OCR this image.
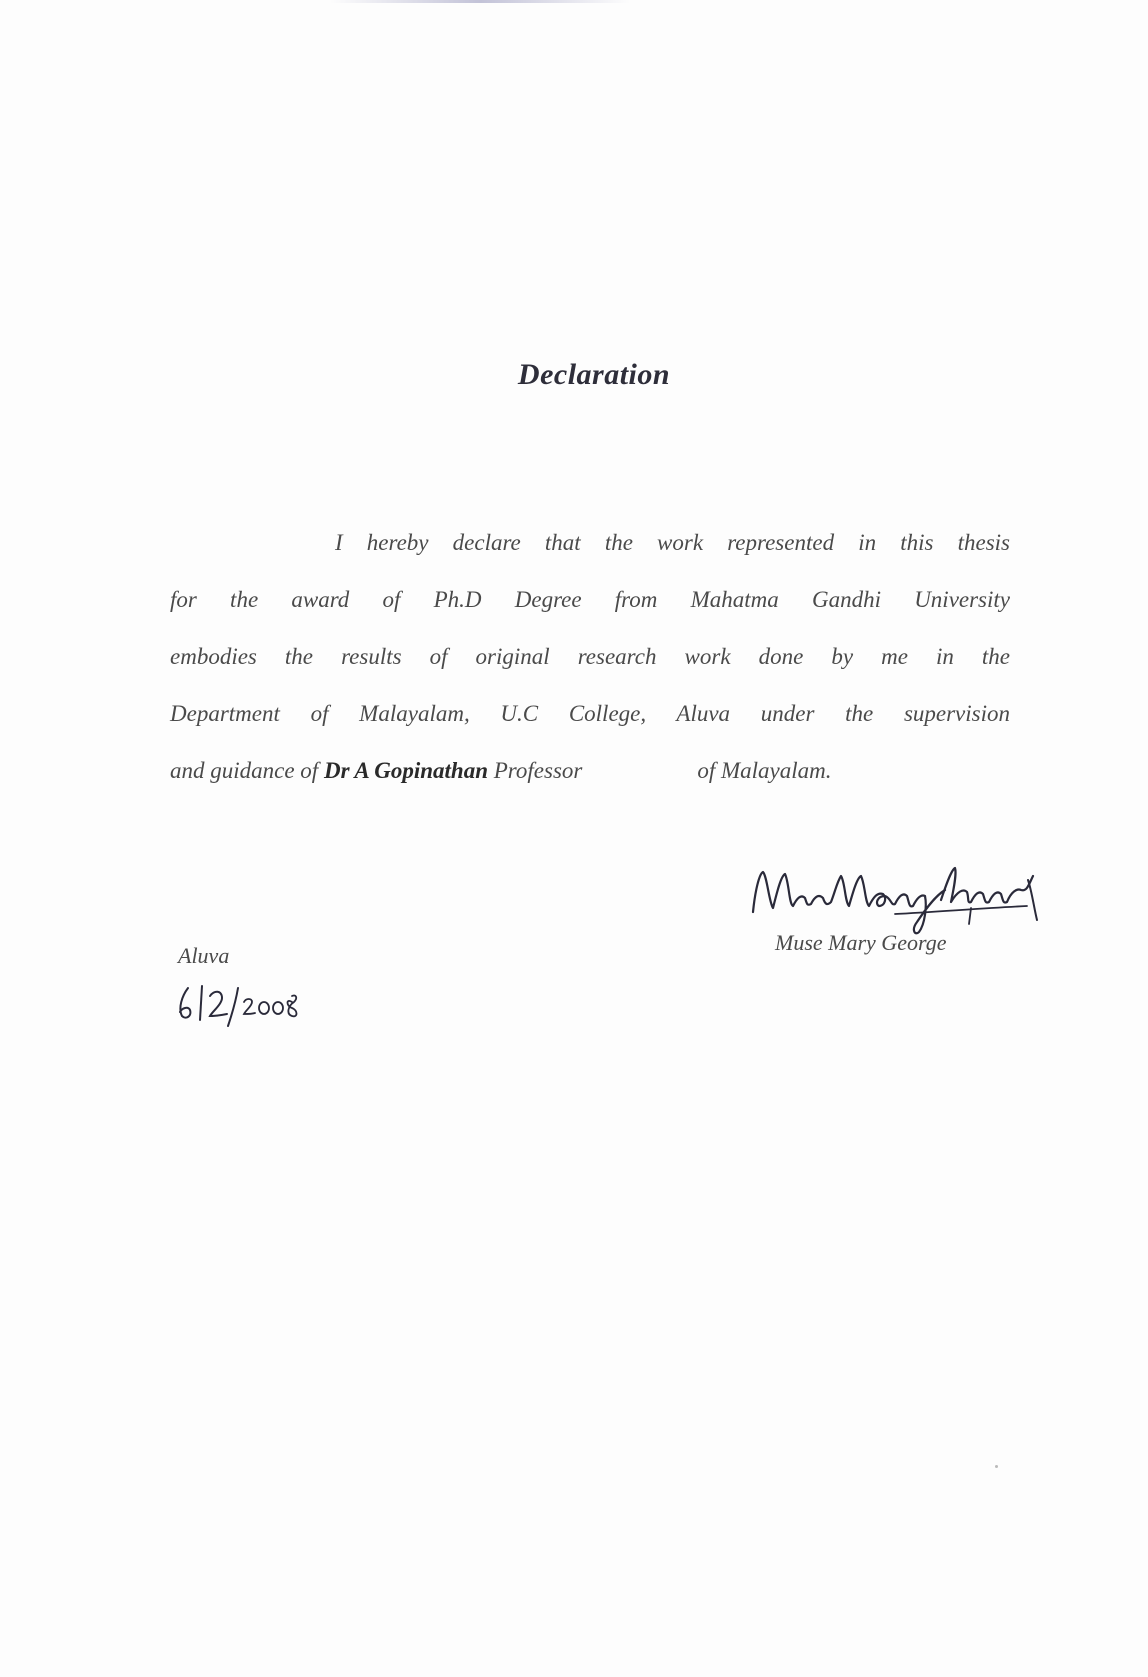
Declaration
I hereby declare that the work represented in this thesis
for the award of Ph.D Degree from Mahatma Gandhi University
embodies the results of original research work done by me in the
Department of Malayalam, U.C College, Aluva under the supervision
and guidance of Dr A Gopinathan Professor	of Malayalam.
Muse Mary George
Aluva
